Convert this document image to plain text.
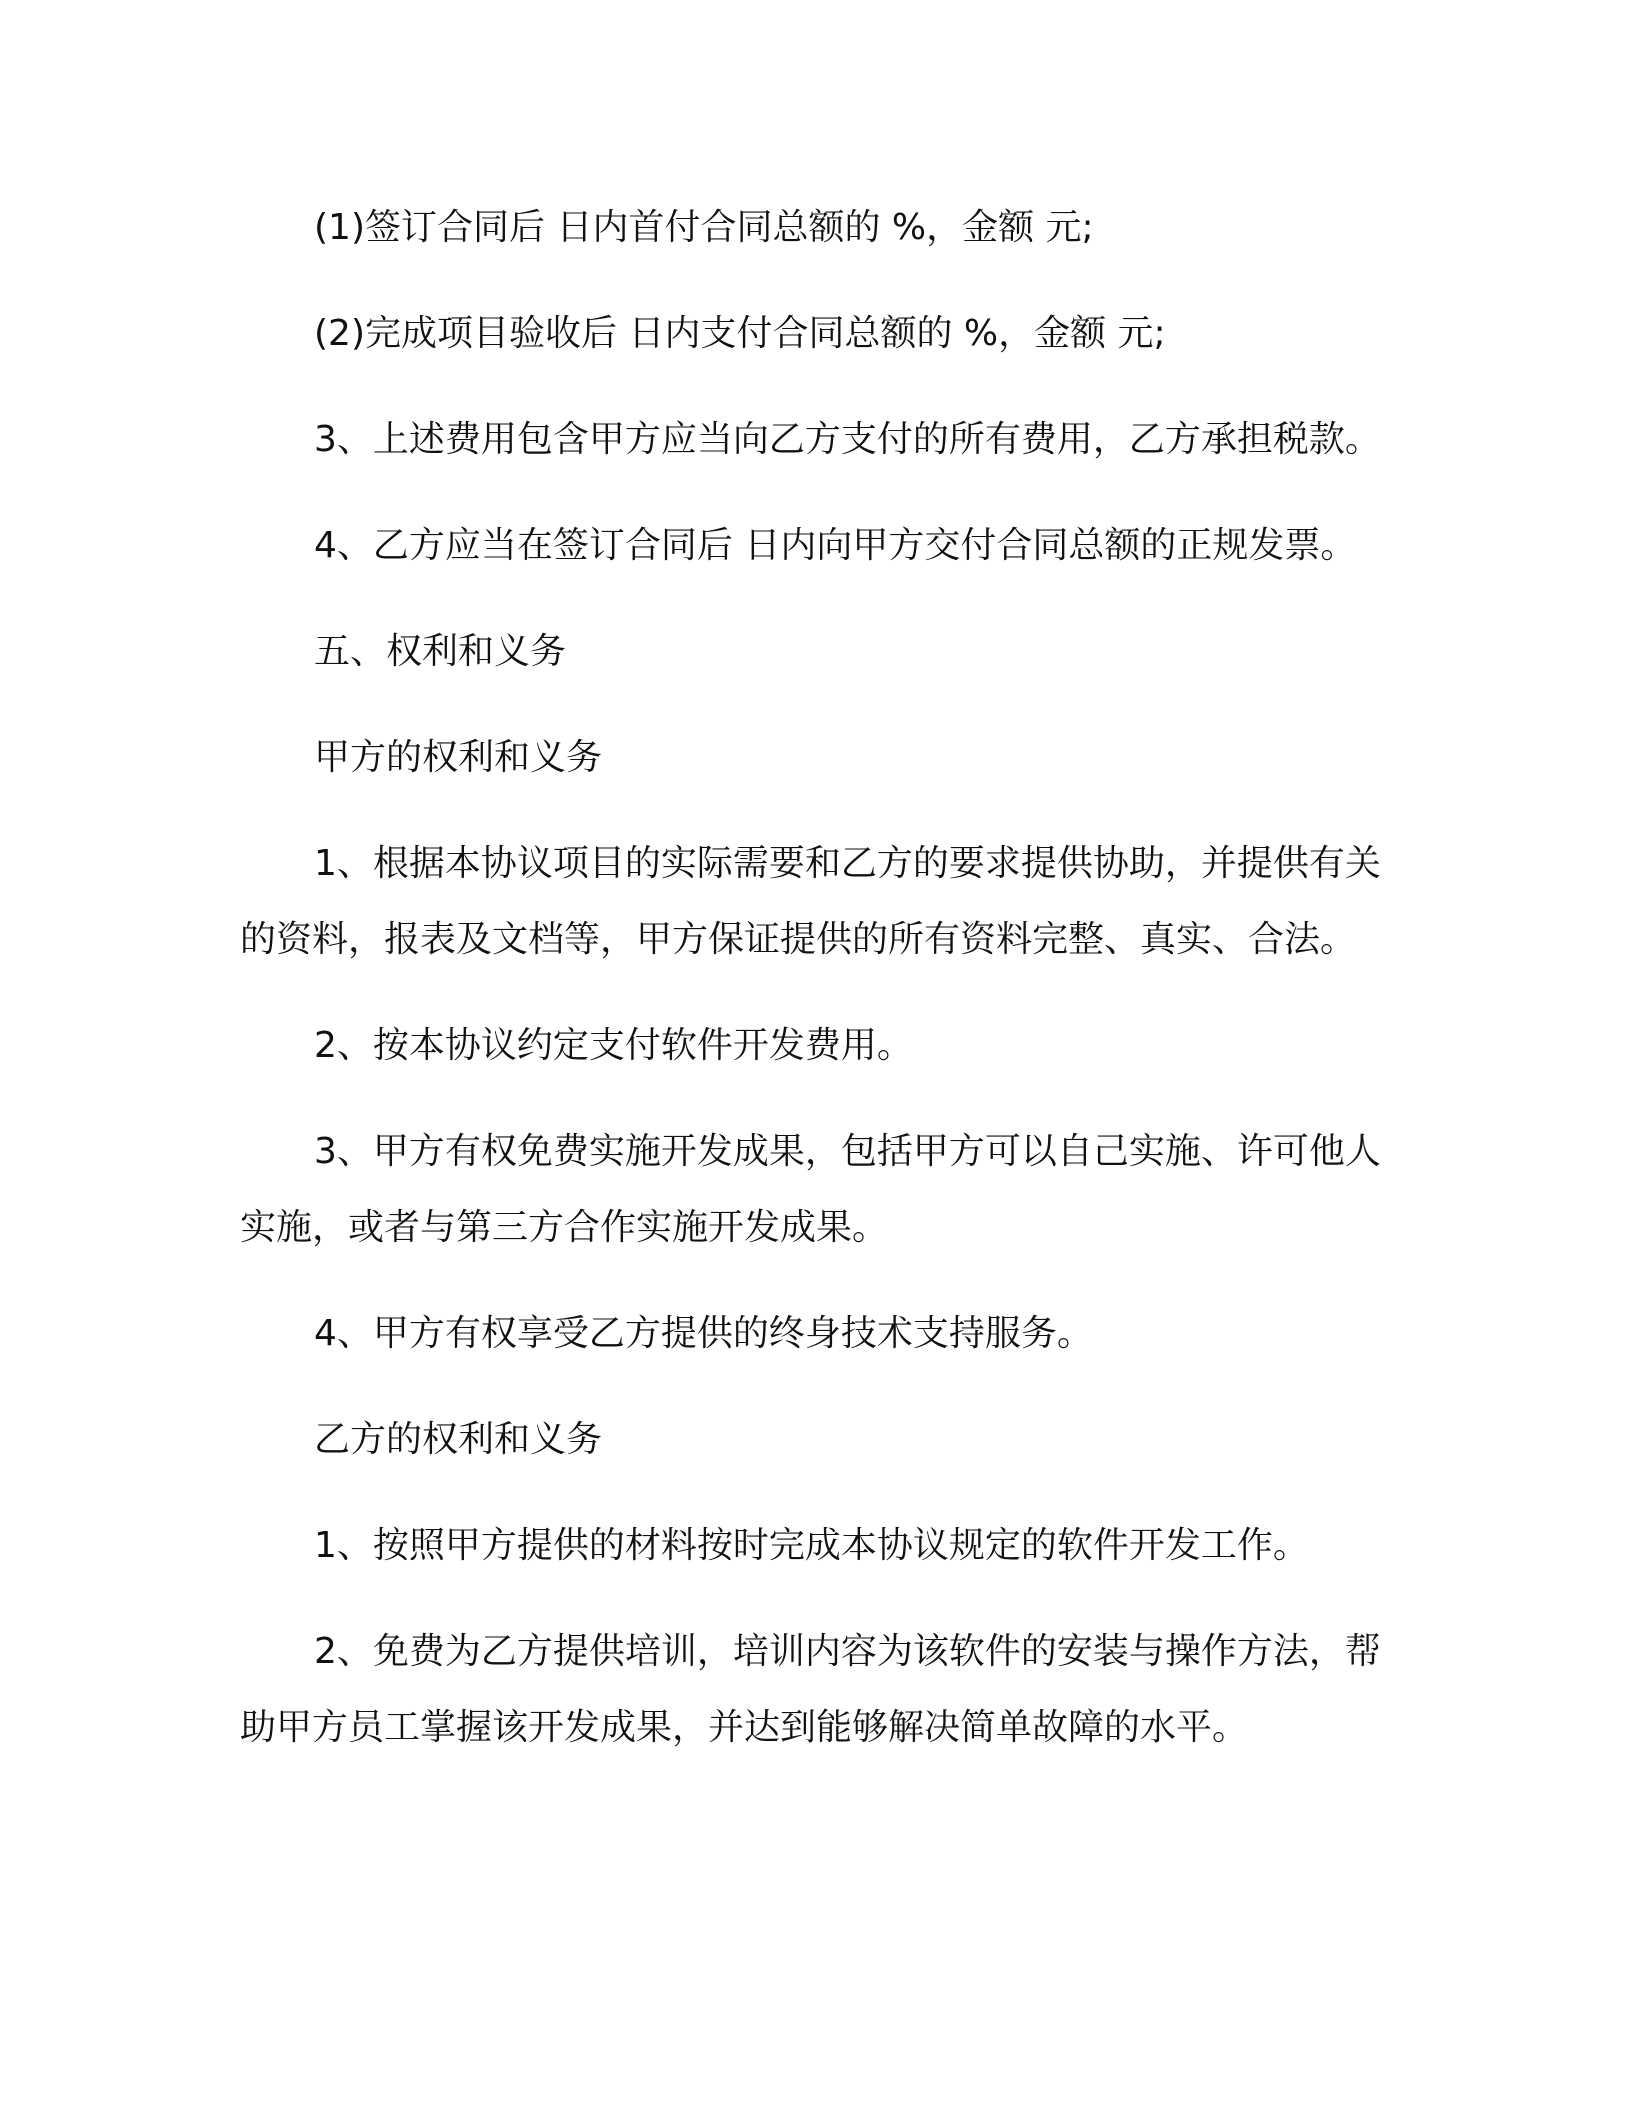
(1)签订合同后 日内首付合同总额的 %，金额 元;

(2)完成项目验收后 日内支付合同总额的 %，金额 元;

3、上述费用包含甲方应当向乙方支付的所有费用，乙方承担税款。

4、乙方应当在签订合同后 日内向甲方交付合同总额的正规发票。

五、权利和义务

甲方的权利和义务

1、根据本协议项目的实际需要和乙方的要求提供协助，并提供有关的资料，报表及文档等，甲方保证提供的所有资料完整、真实、合法。

2、按本协议约定支付软件开发费用。

3、甲方有权免费实施开发成果，包括甲方可以自己实施、许可他人实施，或者与第三方合作实施开发成果。

4、甲方有权享受乙方提供的终身技术支持服务。

乙方的权利和义务

1、按照甲方提供的材料按时完成本协议规定的软件开发工作。

2、免费为乙方提供培训，培训内容为该软件的安装与操作方法，帮助甲方员工掌握该开发成果，并达到能够解决简单故障的水平。
